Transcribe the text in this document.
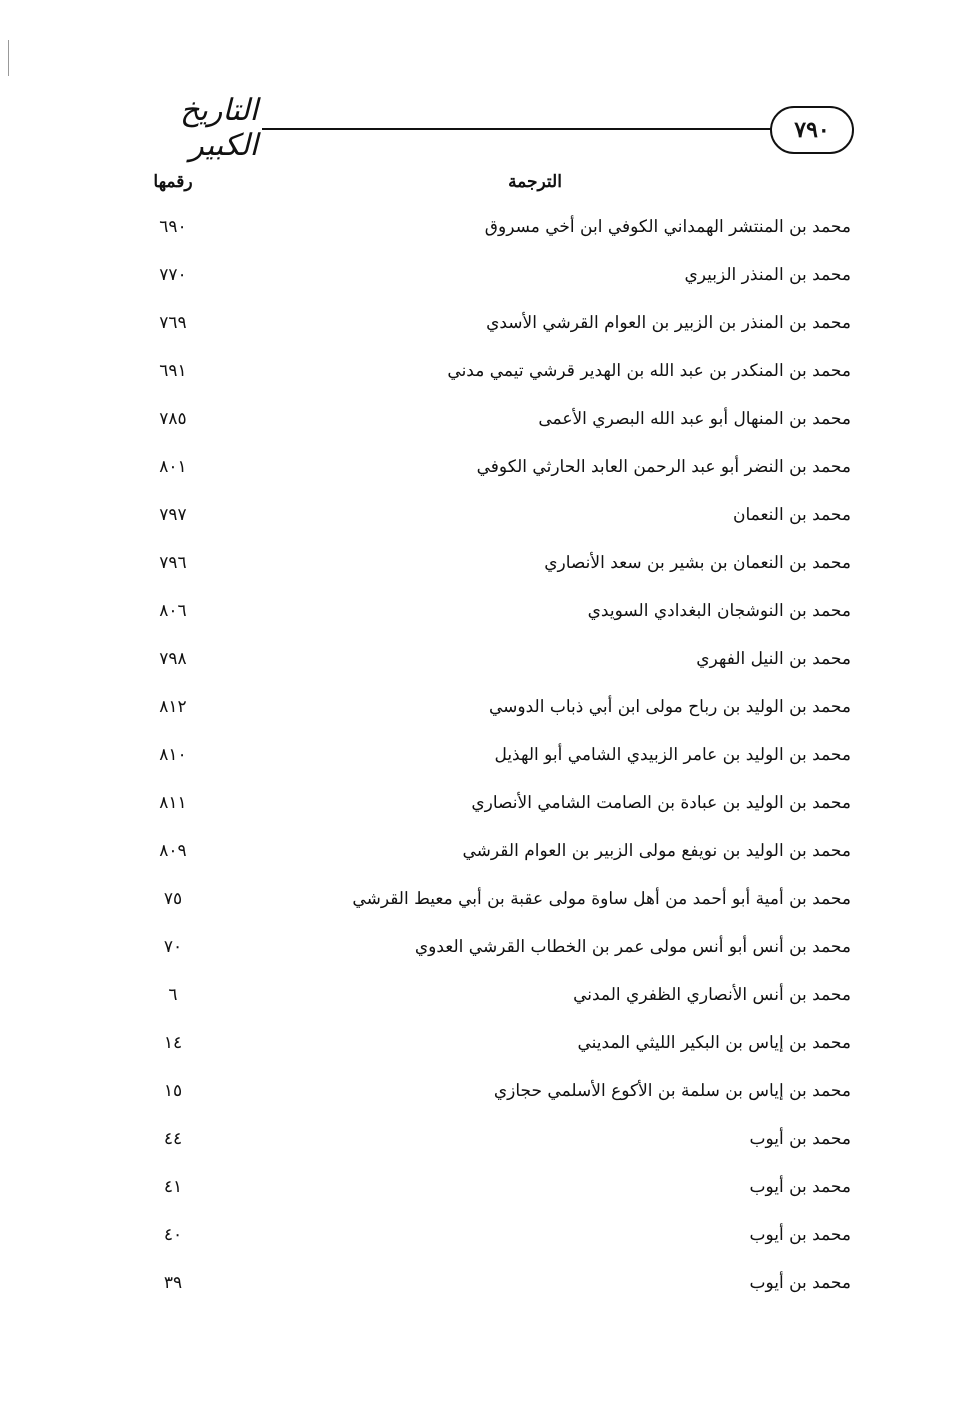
٧٩٠
التاريخ الكبير
الترجمة
رقمها
محمد بن المنتشر الهمداني الكوفي ابن أخي مسروق
٦٩٠
محمد بن المنذر الزبيري
٧٧٠
محمد بن المنذر بن الزبير بن العوام القرشي الأسدي
٧٦٩
محمد بن المنكدر بن عبد الله بن الهدير قرشي تيمي مدني
٦٩١
محمد بن المنهال أبو عبد الله البصري الأعمى
٧٨٥
محمد بن النضر أبو عبد الرحمن العابد الحارثي الكوفي
٨٠١
محمد بن النعمان
٧٩٧
محمد بن النعمان بن بشير بن سعد الأنصاري
٧٩٦
محمد بن النوشجان البغدادي السويدي
٨٠٦
محمد بن النيل الفهري
٧٩٨
محمد بن الوليد بن رباح مولى ابن أبي ذباب الدوسي
٨١٢
محمد بن الوليد بن عامر الزبيدي الشامي أبو الهذيل
٨١٠
محمد بن الوليد بن عبادة بن الصامت الشامي الأنصاري
٨١١
محمد بن الوليد بن نويفع مولى الزبير بن العوام القرشي
٨٠٩
محمد بن أمية أبو أحمد من أهل ساوة مولى عقبة بن أبي معيط القرشي
٧٥
محمد بن أنس أبو أنس مولى عمر بن الخطاب القرشي العدوي
٧٠
محمد بن أنس الأنصاري الظفري المدني
٦
محمد بن إياس بن البكير الليثي المديني
١٤
محمد بن إياس بن سلمة بن الأكوع الأسلمي حجازي
١٥
محمد بن أيوب
٤٤
محمد بن أيوب
٤١
محمد بن أيوب
٤٠
محمد بن أيوب
٣٩
